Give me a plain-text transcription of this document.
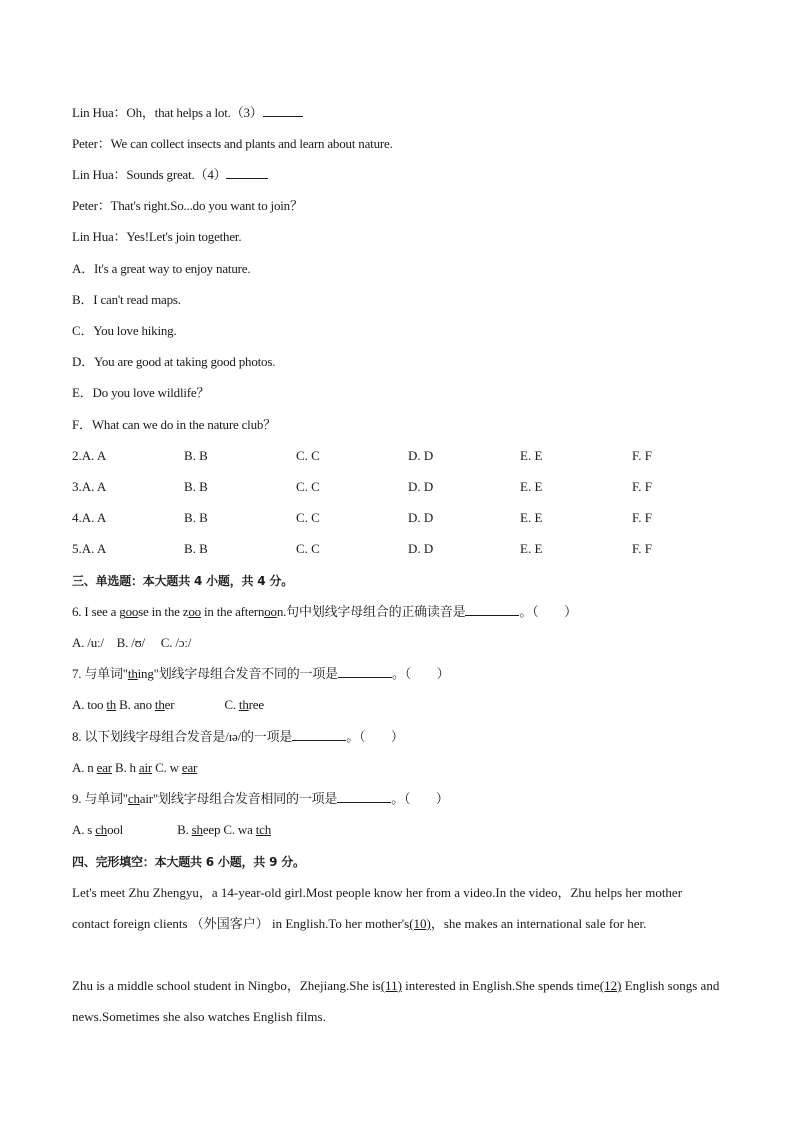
Lin Hua：Oh，that helps a lot.（3）
Peter：We can collect insects and plants and learn about nature.
Lin Hua：Sounds great.（4）
Peter：That's right.So...do you want to join？
Lin Hua：Yes!Let's join together.
A．It's a great way to enjoy nature.
B．I can't read maps.
C．You love hiking.
D．You are good at taking good photos.
E．Do you love wildlife？
F．What can we do in the nature club？
2.A. A	B. B	C. C	D. D	E. E	F. F
3.A. A	B. B	C. C	D. D	E. E	F. F
4.A. A	B. B	C. C	D. D	E. E	F. F
5.A. A	B. B	C. C	D. D	E. E	F. F
三、单选题：本大题共 4 小题，共 4 分。
6. I see a goose in the zoo in the afternoon.句中划线字母组合的正确读音是	。（　　）
A. /uː/　B. /ʊ/　 C. /ɔː/
7. 与单词"thing"划线字母组合发音不同的一项是	。（　　）
A. too th B. ano ther	C. three
8. 以下划线字母组合发音是/ɪə/的一项是	。（　　）
A. n ear B. h air C. w ear
9. 与单词"chair"划线字母组合发音相同的一项是	。（　　）
A. s chool	B. sheep C. wa tch
四、完形填空：本大题共 6 小题，共 9 分。
Let's meet Zhu Zhengyu，a 14-year-old girl.Most people know her from a video.In the video，Zhu helps her mother contact foreign clients （外国客户） in English.To her mother's(10)，she makes an international sale for her.
Zhu is a middle school student in Ningbo，Zhejiang.She is(11) interested in English.She spends time(12) English songs and news.Sometimes she also watches English films.
